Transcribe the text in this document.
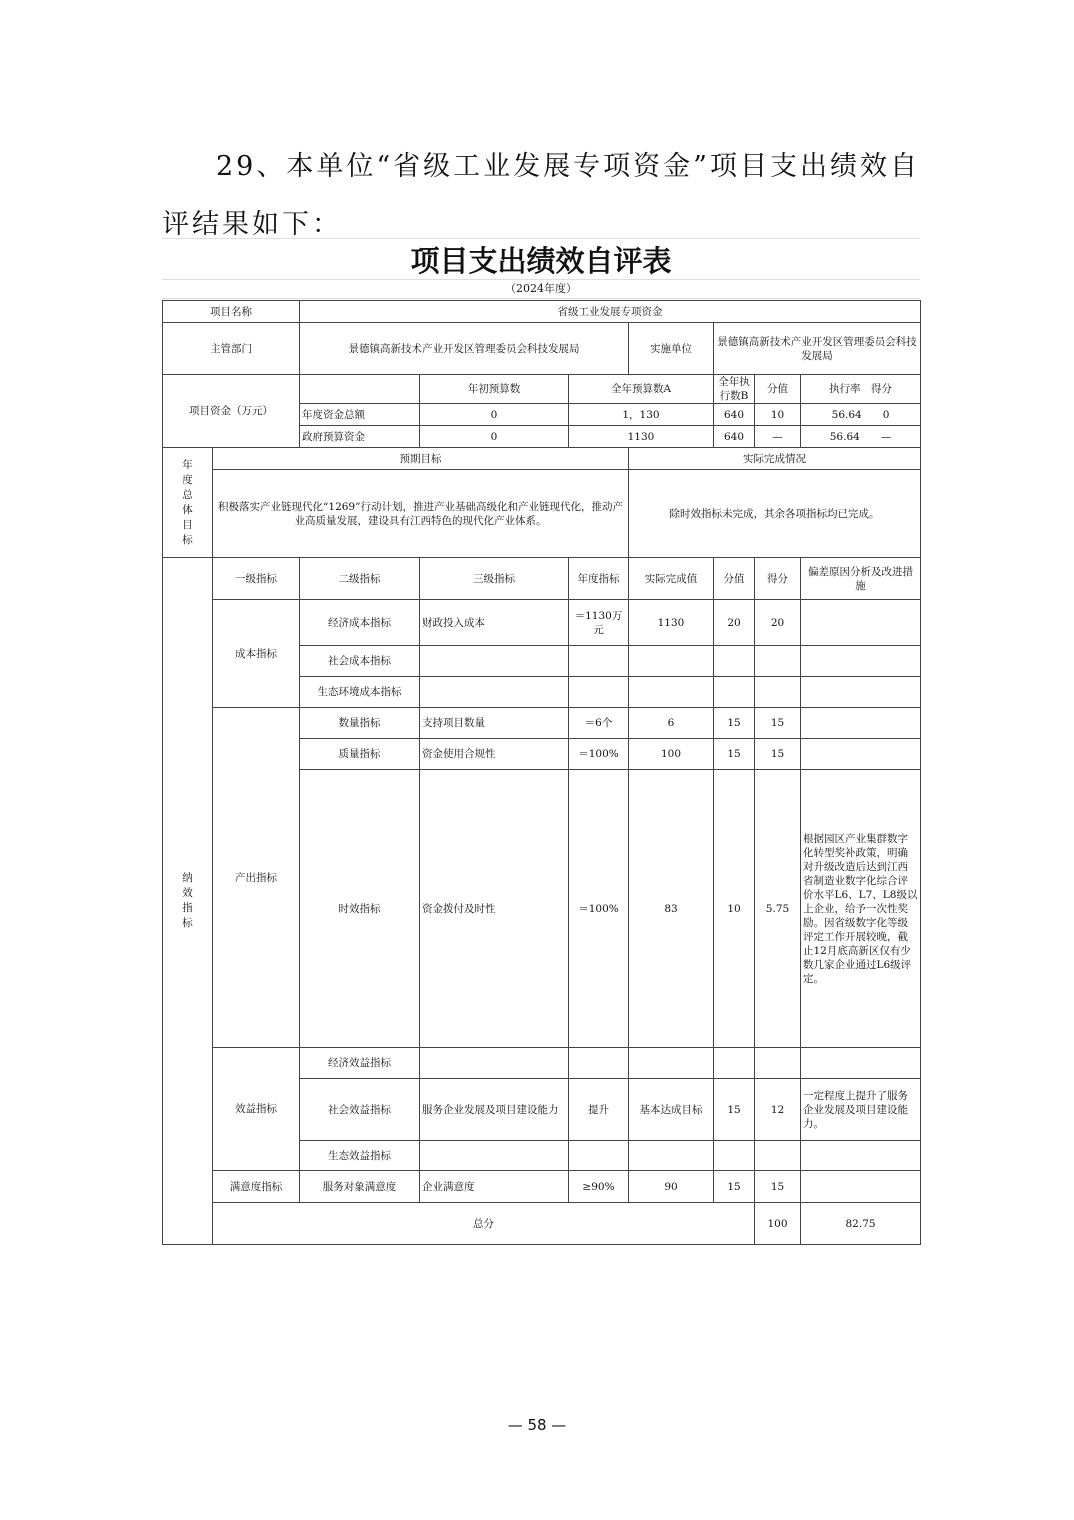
29、本单位“省级工业发展专项资金”项目支出绩效自
评结果如下：
项目支出绩效自评表
（2024年度）
项目名称		省级工业发展专项资金							
主管部门		景德镇高新技术产业开发区管理委员会科技发展局			实施单位	景德镇高新技术产业开发区管理委员会科技发展局			
项目资金（万元）			年初预算数	全年预算数A		全年执行数B	分值	执行率　 得分	
		年度资金总额	0	1，130		640	10	56.64　　 0	
		政府预算资金	0	1130		640	—	56.64　　 —	
年度总体目标	预期目标				实际完成情况				
	积极落实产业链现代化“1269”行动计划，推进产业基础高级化和产业链现代化，推动产业高质量发展，建设具有江西特色的现代化产业体系。				除时效指标未完成，其余各项指标均已完成。				
纳效指标	一级指标	二级指标	三级指标	年度指标	实际完成值	分值	得分	偏差原因分析及改进措施	
	成本指标	经济成本指标	财政投入成本	＝1130万元	1130	20	20		
		社会成本指标							
		生态环境成本指标							
	产出指标	数量指标	支持项目数量	＝6个	6	15	15		
		质量指标	资金使用合规性	＝100%	100	15	15		
		时效指标	资金拨付及时性	＝100%	83	10	5.75	根据园区产业集群数字化转型奖补政策，明确对升级改造后达到江西省制造业数字化综合评价水平L6、L7、L8级以上企业，给予一次性奖励。因省级数字化等级评定工作开展较晚，截止12月底高新区仅有少数几家企业通过L6级评定。	
	效益指标	经济效益指标							
		社会效益指标	服务企业发展及项目建设能力	提升	基本达成目标	15	12	一定程度上提升了服务企业发展及项目建设能力。	
		生态效益指标							
	满意度指标	服务对象满意度	企业满意度	≥90%	90	15	15		
	总分						100	82.75	
— 58 —
